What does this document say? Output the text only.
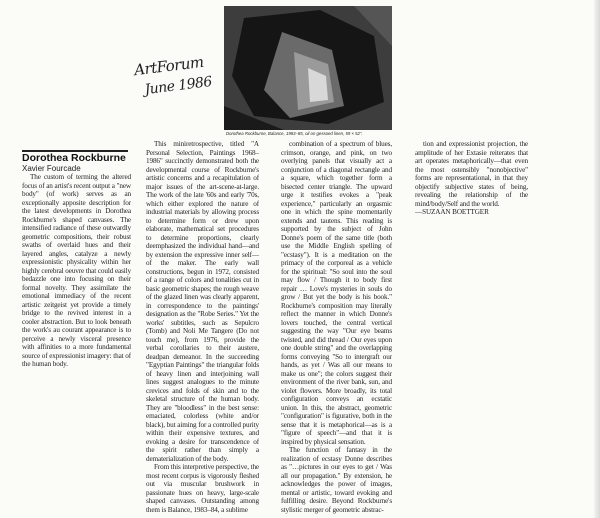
Dorothea Rockburne, Balance, 1983–85, oil on gessoed linen, 59 × 52".
ArtForum
June 1986
Dorothea Rockburne
Xavier Fourcade

The custom of terming the altered focus of an artist's recent output a "new body" (of work) serves as an exceptionally apposite description for the latest developments in Dorothea Rockburne's shaped canvases. The intensified radiance of these outwardly geometric compositions, their robust swaths of overlaid hues and their layered angles, catalyze a newly expressionistic physicality within her highly cerebral oeuvre that could easily bedazzle one into focusing on their formal novelty. They assimilate the emotional immediacy of the recent artistic zeitgeist yet provide a timely bridge to the revived interest in a cooler abstraction. But to look beneath the work's au courant appearance is to perceive a newly visceral presence with affinities to a more fundamental source of expressionist imagery: that of the human body.

This miniretrospective, titled "A Personal Selection, Paintings 1968–1986" succinctly demonstrated both the developmental course of Rockburne's artistic concerns and a recapitulation of major issues of the art-scene-at-large. The work of the late '60s and early '70s, which either explored the nature of industrial materials by allowing process to determine form or drew upon elaborate, mathematical set procedures to determine proportions, clearly deemphasized the individual hand—and by extension the expressive inner self—of the maker. The early wall constructions, begun in 1972, consisted of a range of colors and tonalities cut in basic geometric shapes; the rough weave of the glazed linen was clearly apparent, in correspondence to the paintings' designation as the "Robe Series." Yet the works' subtitles, such as Sepulcro (Tomb) and Noli Me Tangere (Do not touch me), from 1976, provide the verbal corollaries to their austere, deadpan demeanor. In the succeeding "Egyptian Paintings" the triangular folds of heavy linen and interjoining wall lines suggest analogues to the minute crevices and folds of skin and to the skeletal structure of the human body. They are "bloodless" in the best sense: emaciated, colorless (white and/or black), but aiming for a controlled purity within their expensive textures, and evoking a desire for transcendence of the spirit rather than simply a dematerialization of the body.

From this interpretive perspective, the most recent corpus is vigorously fleshed out via muscular brushwork in passionate hues on heavy, large-scale shaped canvases. Outstanding among them is Balance, 1983–84, a sublime

combination of a spectrum of blues, crimson, orange, and pink, on two overlying panels that visually act a conjunction of a diagonal rectangle and a square, which together form a bisected center triangle. The upward urge it testifies evokes a "peak experience," particularly an orgasmic one in which the spine momentarily extends and tautens. This reading is supported by the subject of John Donne's poem of the same title (both use the Middle English spelling of "ecstasy"). It is a meditation on the primacy of the corporeal as a vehicle for the spiritual: "So soul into the soul may flow / Though it to body first repair … Love's mysteries in souls do grow / But yet the body is his book." Rockburne's composition may literally reflect the manner in which Donne's lovers touched, the central vertical suggesting the way "Our eye beams twisted, and did thread / Our eyes upon one double string" and the overlapping forms conveying "So to intergraft our hands, as yet / Was all our means to make us one"; the colors suggest their environment of the river bank, sun, and violet flowers. More broadly, its total configuration conveys an ecstatic union. In this, the abstract, geometric "configuration" is figurative, both in the sense that it is metaphorical—as is a "figure of speech"—and that it is inspired by physical sensation.

The function of fantasy in the realization of ecstasy Donne describes as "…pictures in our eyes to get / Was all our propagation." By extension, he acknowledges the power of images, mental or artistic, toward evoking and fulfilling desire. Beyond Rockburne's stylistic merger of geometric abstrac-

tion and expressionist projection, the amplitude of her Extasie reiterates that art operates metaphorically—that even the most ostensibly "nonobjective" forms are representational, in that they objectify subjective states of being, revealing the relationship of the mind/body/Self and the world.

—SUZAAN BOETTGER
